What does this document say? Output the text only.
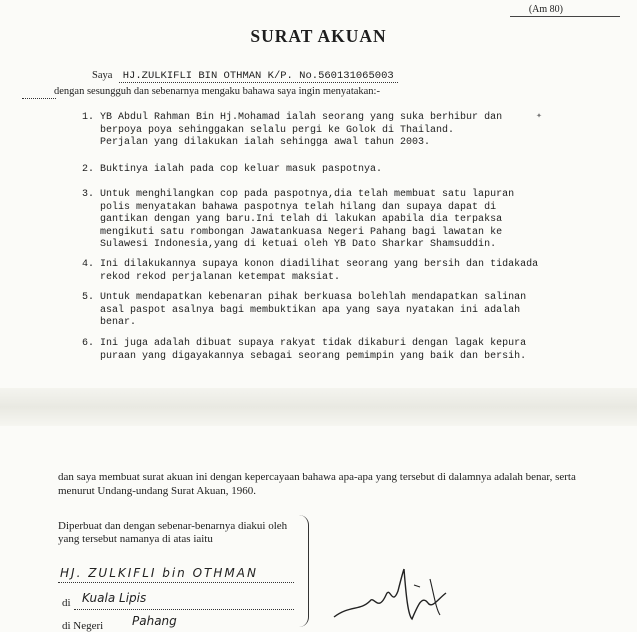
(Am 80)
SURAT AKUAN
Saya HJ.ZULKIFLI BIN OTHMAN K/P. No.560131065003
dengan sesungguh dan sebenarnya mengaku bahawa saya ingin menyatakan:-
1. YB Abdul Rahman Bin Hj.Mohamad ialah seorang yang suka berhibur dan
berpoya poya sehinggakan selalu pergi ke Golok di Thailand.
Perjalan yang dilakukan ialah sehingga awal tahun 2003.
2. Buktinya ialah pada cop keluar masuk paspotnya.
3. Untuk menghilangkan cop pada paspotnya,dia telah membuat satu lapuran
polis menyatakan bahawa paspotnya telah hilang dan supaya dapat di
gantikan dengan yang baru.Ini telah di lakukan apabila dia terpaksa
mengikuti satu rombongan Jawatankuasa Negeri Pahang bagi lawatan ke
Sulawesi Indonesia,yang di ketuai oleh YB Dato Sharkar Shamsuddin.
4. Ini dilakukannya supaya konon diadilihat seorang yang bersih dan tidakada
rekod rekod perjalanan ketempat maksiat.
5. Untuk mendapatkan kebenaran pihak berkuasa bolehlah mendapatkan salinan
asal paspot asalnya bagi membuktikan apa yang saya nyatakan ini adalah
benar.
6. Ini juga adalah dibuat supaya rakyat tidak dikaburi dengan lagak kepura
puraan yang digayakannya sebagai seorang pemimpin yang baik dan bersih.
dan saya membuat surat akuan ini dengan kepercayaan bahawa apa-apa yang tersebut di dalamnya adalah benar, serta menurut Undang-undang Surat Akuan, 1960.
Diperbuat dan dengan sebenar-benarnya diakui oleh yang tersebut namanya di atas iaitu
HJ. ZULKIFLI bin OTHMAN
di Kuala Lipis
di Negeri Pahang
✦
